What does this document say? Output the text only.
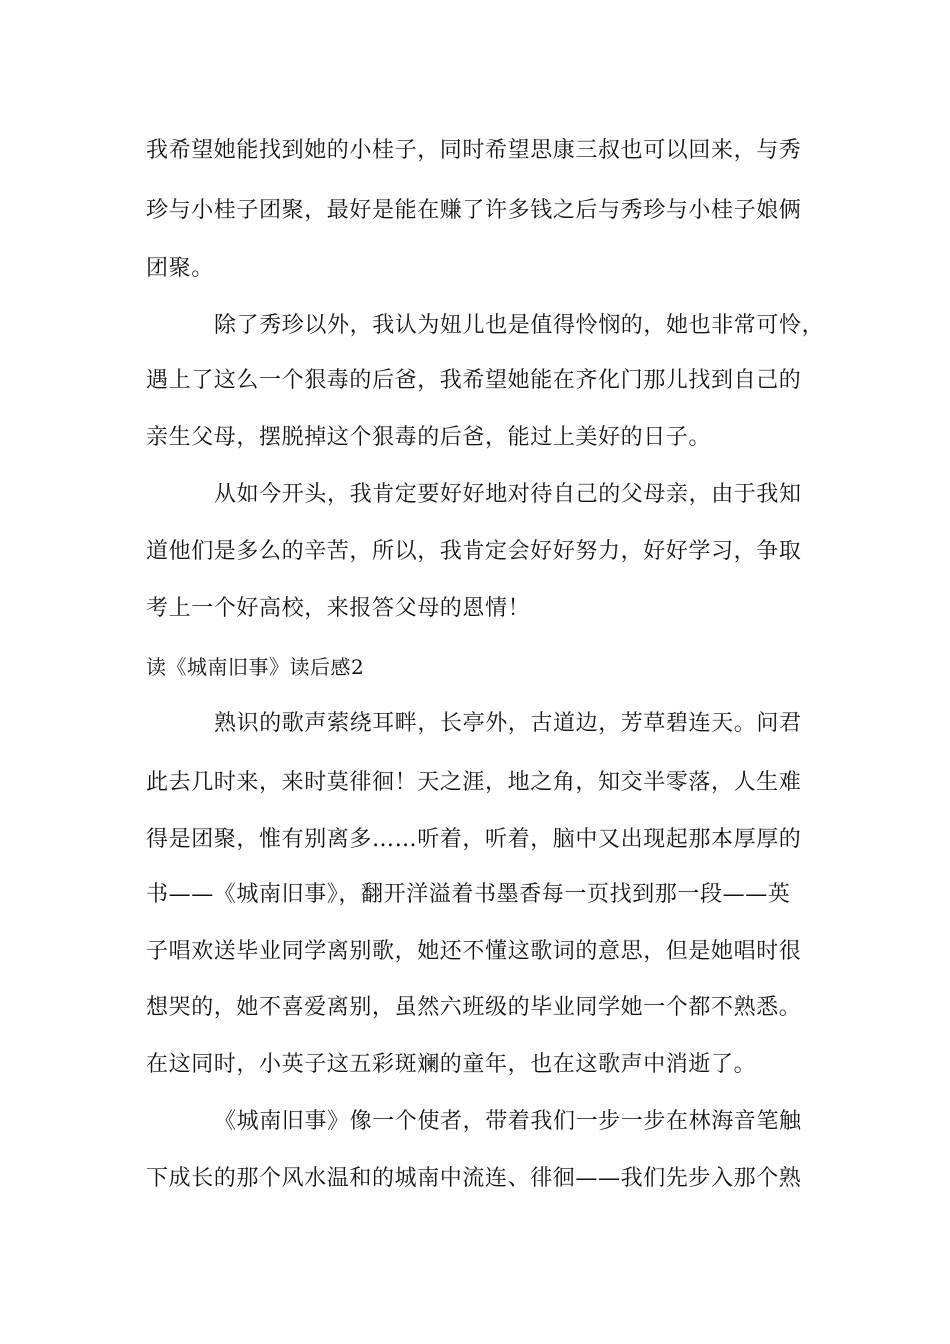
我希望她能找到她的小桂子，同时希望思康三叔也可以回来，与秀
珍与小桂子团聚，最好是能在赚了许多钱之后与秀珍与小桂子娘俩
团聚。
除了秀珍以外，我认为妞儿也是值得怜悯的，她也非常可怜，
遇上了这么一个狠毒的后爸，我希望她能在齐化门那儿找到自己的
亲生父母，摆脱掉这个狠毒的后爸，能过上美好的日子。
从如今开头，我肯定要好好地对待自己的父母亲，由于我知
道他们是多么的辛苦，所以，我肯定会好好努力，好好学习，争取
考上一个好高校，来报答父母的恩情！
读《城南旧事》读后感2
熟识的歌声萦绕耳畔，长亭外，古道边，芳草碧连天。问君
此去几时来，来时莫徘徊！天之涯，地之角，知交半零落，人生难
得是团聚，惟有别离多……听着，听着，脑中又出现起那本厚厚的
书——《城南旧事》，翻开洋溢着书墨香每一页找到那一段——英
子唱欢送毕业同学离别歌，她还不懂这歌词的意思，但是她唱时很
想哭的，她不喜爱离别，虽然六班级的毕业同学她一个都不熟悉。
在这同时，小英子这五彩斑斓的童年，也在这歌声中消逝了。
《城南旧事》像一个使者，带着我们一步一步在林海音笔触
下成长的那个风水温和的城南中流连、徘徊——我们先步入那个熟
